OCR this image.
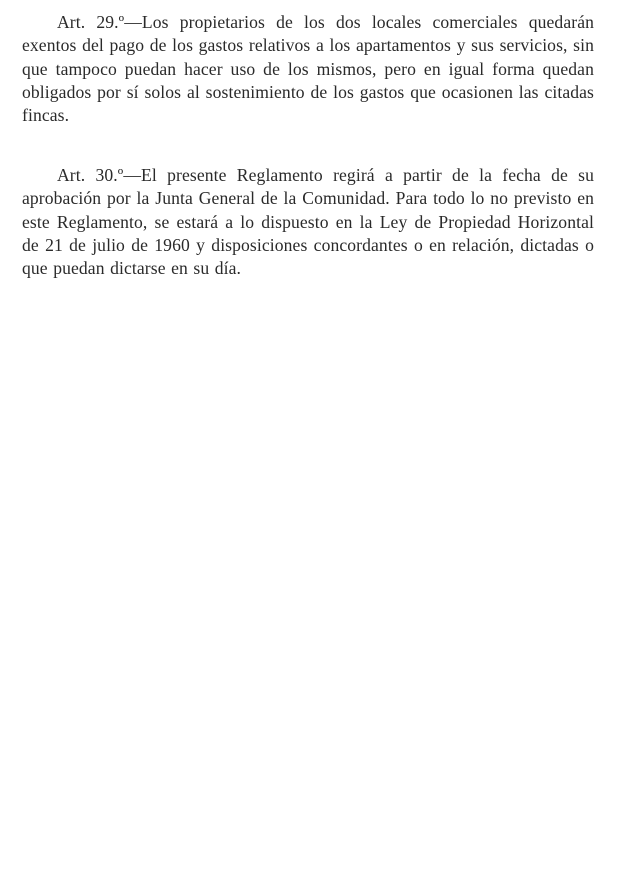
Art. 29.º—Los propietarios de los dos locales comerciales quedarán exentos del pago de los gastos relativos a los apartamentos y sus servicios, sin que tampoco puedan hacer uso de los mismos, pero en igual forma quedan obligados por sí solos al sostenimiento de los gastos que ocasionen las citadas fincas.

Art. 30.º—El presente Reglamento regirá a partir de la fecha de su aprobación por la Junta General de la Comunidad. Para todo lo no previsto en este Reglamento, se estará a lo dispuesto en la Ley de Propiedad Horizontal de 21 de julio de 1960 y disposiciones concordantes o en relación, dictadas o que puedan dictarse en su día.
